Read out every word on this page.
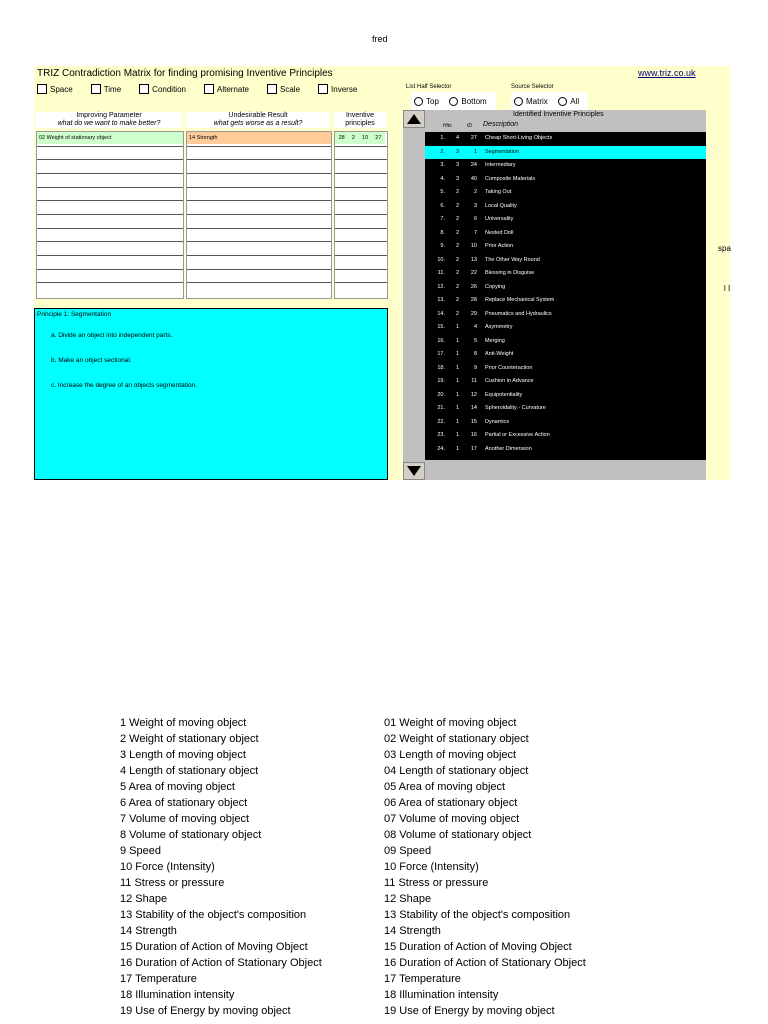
fred
TRIZ Contradiction Matrix for finding promising Inventive Principles	www.triz.co.uk
Space	Time	Condition	Alternate	Scale	Inverse	List Half Selector
Top
	Bottom
Source Selector
Matrix
	All
Improving Parameter
what do we want to make better?
Undesirable Result
what gets worse as a result?
Inventive
principles
02 Weight of stationary object	14 Strength	28 2 10 27
Principle 1: Segmentation
a. Divide an object into independent parts.
b. Make an object sectional.
c. Increase the degree of an objects segmentation.
Identified Inventive Principles
Hits	ID Description
1.	4	27	Cheap Short-Living Objects
2.	3	1	Segmentation
3.	3	24	Intermediary
4.	3	40	Composite Materials
5.	2	2	Taking Out
6.	2	3	Local Quality
7.	2	6	Universality
8.	2	7	Nested Doll
9.	2	10	Prior Action
10.	2	13	The Other Way Round
11.	2	22	Blessing in Disguise
12.	2	26	Copying
13.	2	28	Replace Mechanical System
14.	2	29	Pneumatics and Hydraulics
15.	1	4	Asymmetry
16.	1	5	Merging
17.	1	8	Anti-Weight
18.	1	9	Prior Counteraction
19.	1	11	Cushion in Advance
20.	1	12	Equipotentiality
21.	1	14	Spheroidality - Curvature
22.	1	15	Dynamics
23.	1	16	Partial or Excessive Action
24.	1	17	Another Dimension
spa
l I
1 Weight of moving object
2 Weight of stationary object
3 Length of moving object
4 Length of stationary object
5 Area of moving object
6 Area of stationary object
7 Volume of moving object
8 Volume of stationary object
9 Speed
10 Force (Intensity)
11 Stress or pressure
12 Shape
13 Stability of the object's composition
14 Strength
15 Duration of Action of Moving Object
16 Duration of Action of Stationary Object
17 Temperature
18 Illumination intensity
19 Use of Energy by moving object
01 Weight of moving object
02 Weight of stationary object
03 Length of moving object
04 Length of stationary object
05 Area of moving object
06 Area of stationary object
07 Volume of moving object
08 Volume of stationary object
09 Speed
10 Force (Intensity)
11 Stress or pressure
12 Shape
13 Stability of the object's composition
14 Strength
15 Duration of Action of Moving Object
16 Duration of Action of Stationary Object
17 Temperature
18 Illumination intensity
19 Use of Energy by moving object
